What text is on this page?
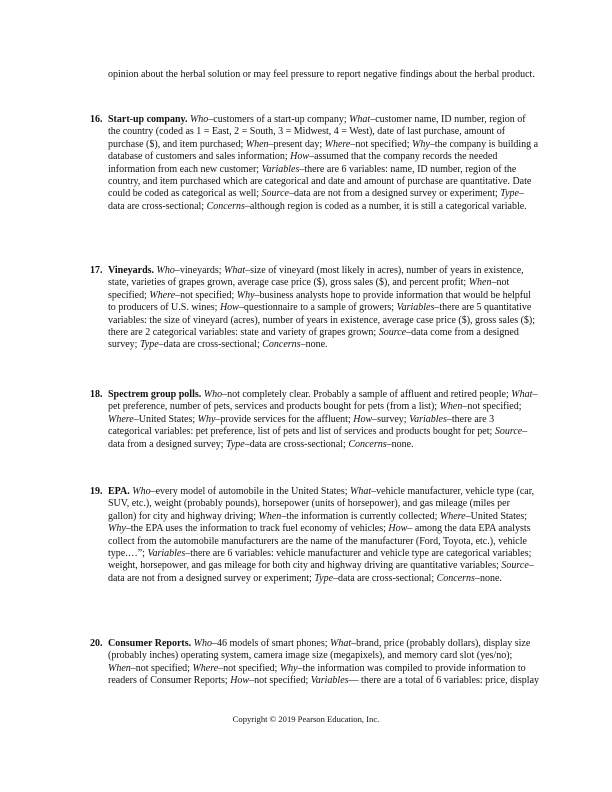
opinion about the herbal solution or may feel pressure to report negative findings about the herbal product.

16. Start-up company. Who–customers of a start-up company; What–customer name, ID number, region of the country (coded as 1 = East, 2 = South, 3 = Midwest, 4 = West), date of last purchase, amount of purchase ($), and item purchased; When–present day; Where–not specified; Why–the company is building a database of customers and sales information; How–assumed that the company records the needed information from each new customer; Variables–there are 6 variables: name, ID number, region of the country, and item purchased which are categorical and date and amount of purchase are quantitative. Date could be coded as categorical as well; Source–data are not from a designed survey or experiment; Type–data are cross-sectional; Concerns–although region is coded as a number, it is still a categorical variable.
17. Vineyards. Who–vineyards; What–size of vineyard (most likely in acres), number of years in existence, state, varieties of grapes grown, average case price ($), gross sales ($), and percent profit; When–not specified; Where–not specified; Why–business analysts hope to provide information that would be helpful to producers of U.S. wines; How–questionnaire to a sample of growers; Variables–there are 5 quantitative variables: the size of vineyard (acres), number of years in existence, average case price ($), gross sales ($); there are 2 categorical variables: state and variety of grapes grown; Source–data come from a designed survey; Type–data are cross-sectional; Concerns–none.
18. Spectrem group polls. Who–not completely clear. Probably a sample of affluent and retired people; What–pet preference, number of pets, services and products bought for pets (from a list); When–not specified; Where–United States; Why–provide services for the affluent; How–survey; Variables–there are 3 categorical variables: pet preference, list of pets and list of services and products bought for pet; Source–data from a designed survey; Type–data are cross-sectional; Concerns–none.
19. EPA. Who–every model of automobile in the United States; What–vehicle manufacturer, vehicle type (car, SUV, etc.), weight (probably pounds), horsepower (units of horsepower), and gas mileage (miles per gallon) for city and highway driving; When–the information is currently collected; Where–United States; Why–the EPA uses the information to track fuel economy of vehicles; How– among the data EPA analysts collect from the automobile manufacturers are the name of the manufacturer (Ford, Toyota, etc.), vehicle type.…”; Variables–there are 6 variables: vehicle manufacturer and vehicle type are categorical variables; weight, horsepower, and gas mileage for both city and highway driving are quantitative variables; Source–data are not from a designed survey or experiment; Type–data are cross-sectional; Concerns–none.
20. Consumer Reports. Who–46 models of smart phones; What–brand, price (probably dollars), display size (probably inches) operating system, camera image size (megapixels), and memory card slot (yes/no); When–not specified; Where–not specified; Why–the information was compiled to provide information to readers of Consumer Reports; How–not specified; Variables— there are a total of 6 variables: price, display
Copyright © 2019 Pearson Education, Inc.
